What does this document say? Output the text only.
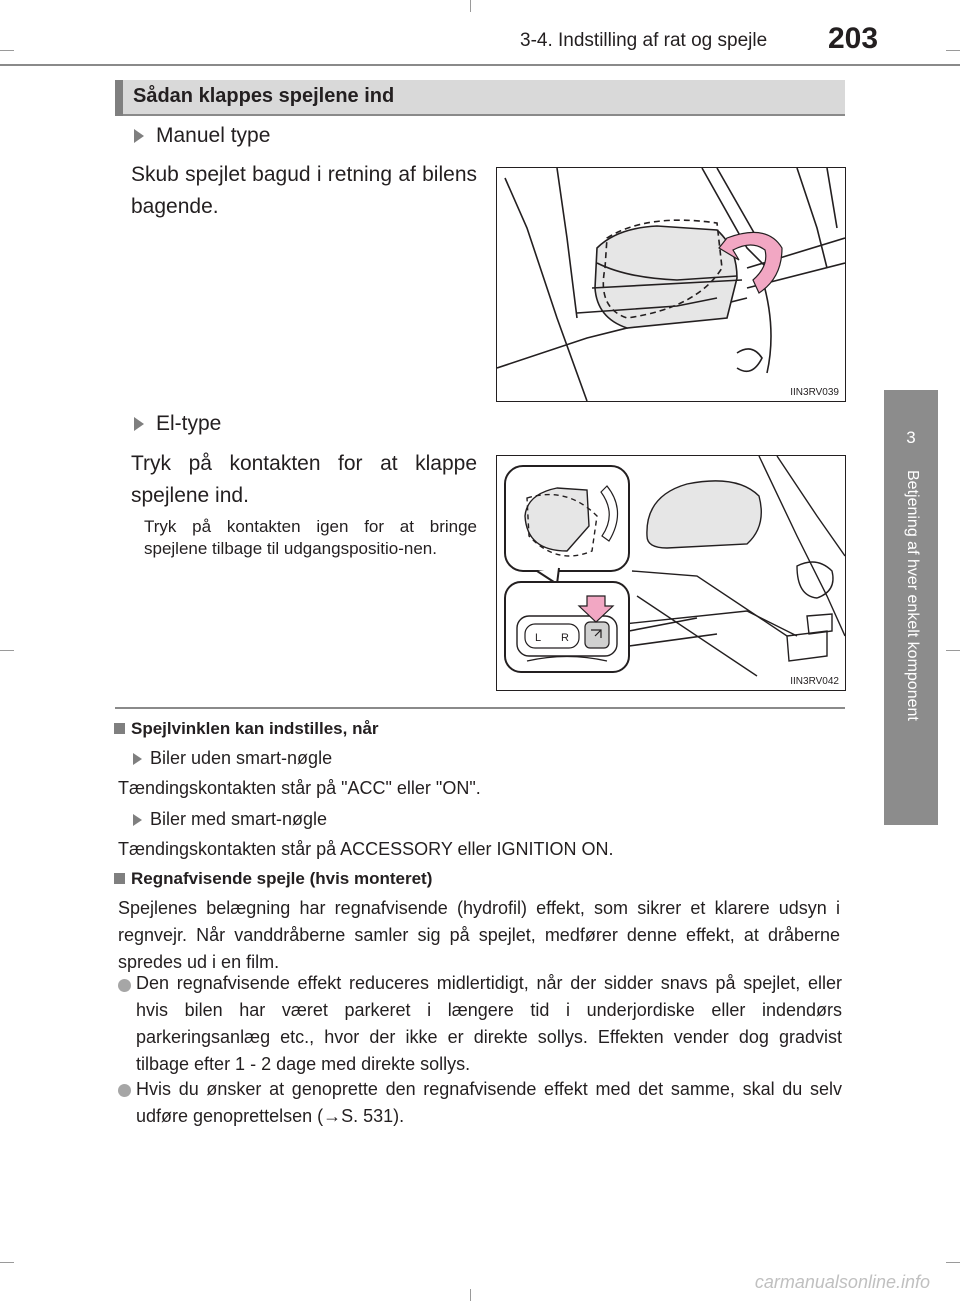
3-4. Indstilling af rat og spejle 203
3
Betjening af hver enkelt komponent
Sådan klappes spejlene ind
Manuel type
Skub spejlet bagud i retning af bilens bagende.
IIN3RV039
El-type
Tryk på kontakten for at klappe spejlene ind.
Tryk på kontakten igen for at bringe spejlene tilbage til udgangspositio-nen.
L R
IIN3RV042
Spejlvinklen kan indstilles, når
Biler uden smart-nøgle
Tændingskontakten står på "ACC" eller "ON".
Biler med smart-nøgle
Tændingskontakten står på ACCESSORY eller IGNITION ON.
Regnafvisende spejle (hvis monteret)
Spejlenes belægning har regnafvisende (hydrofil) effekt, som sikrer et klarere udsyn i regnvejr. Når vanddråberne samler sig på spejlet, medfører denne effekt, at dråberne spredes ud i en film.
Den regnafvisende effekt reduceres midlertidigt, når der sidder snavs på spejlet, eller hvis bilen har været parkeret i længere tid i underjordiske eller indendørs parkeringsanlæg etc., hvor der ikke er direkte sollys. Effekten vender dog gradvist tilbage efter 1 - 2 dage med direkte sollys.
Hvis du ønsker at genoprette den regnafvisende effekt med det samme, skal du selv udføre genoprettelsen (→S. 531).
carmanualsonline.info
